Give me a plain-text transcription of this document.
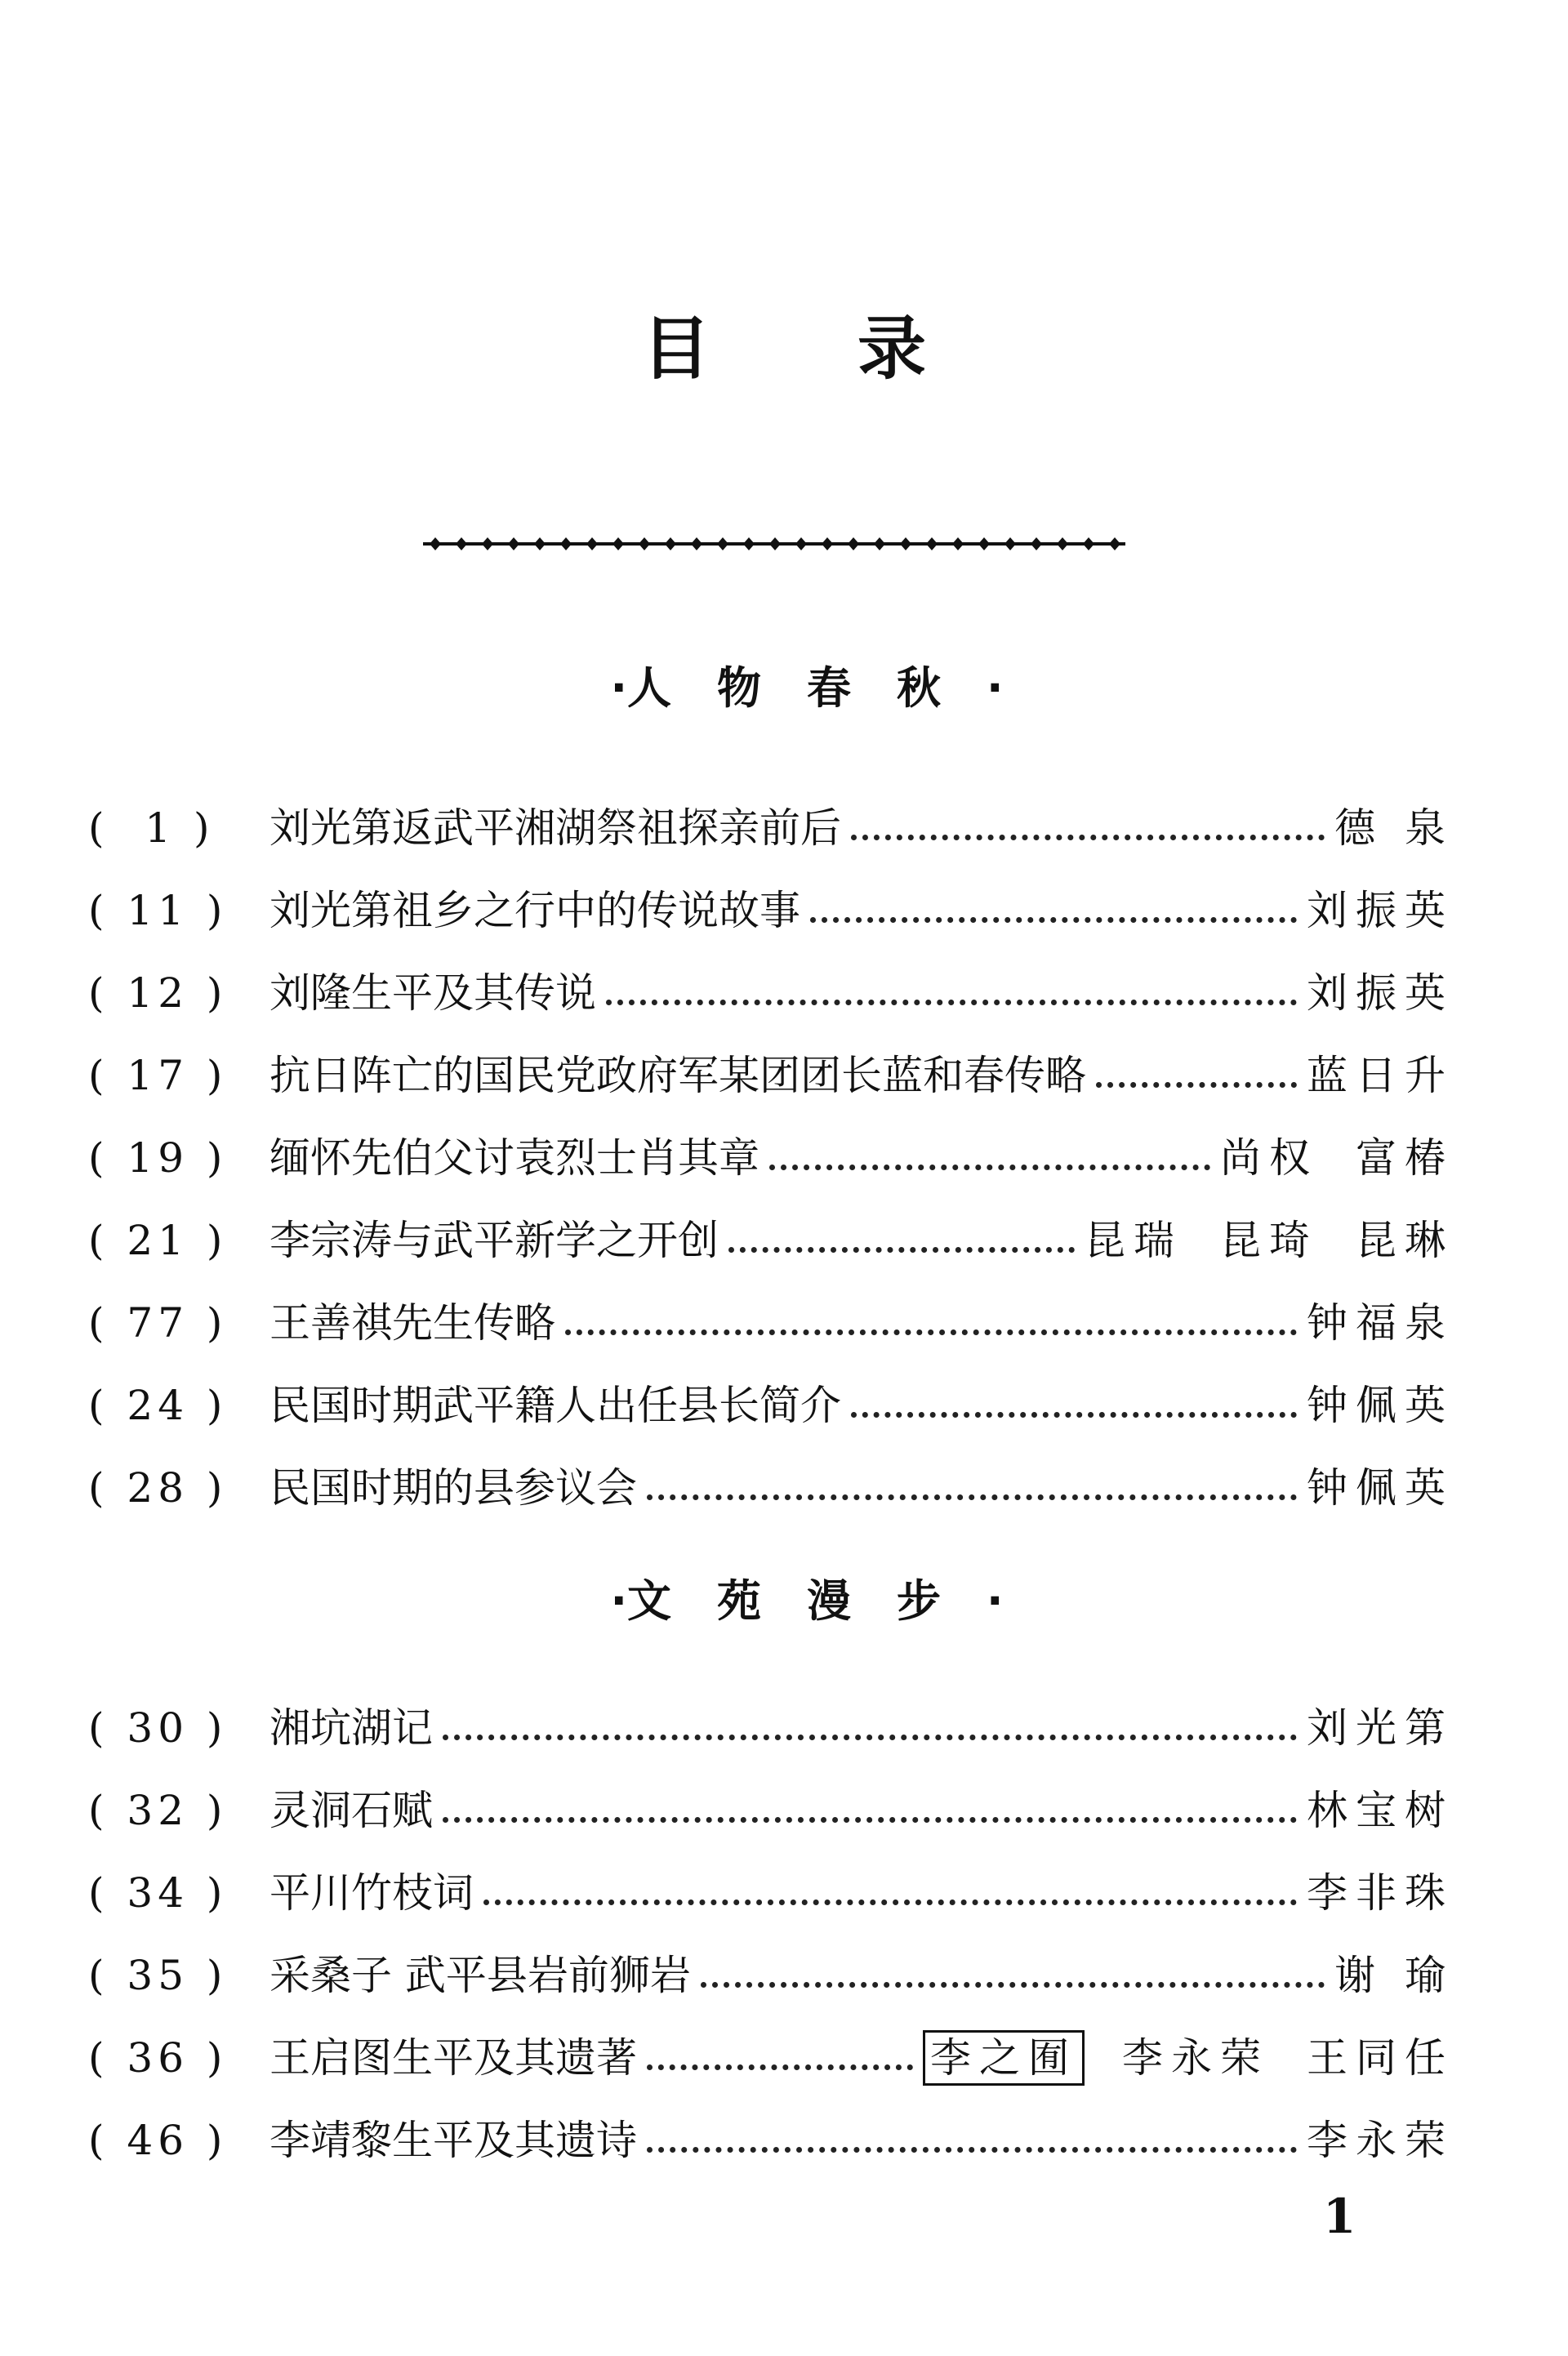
目录
·人物春秋·
(  1 )	刘光第返武平湘湖祭祖探亲前后	德 泉
( 11 )	刘光第祖乡之行中的传说故事	刘振英
( 12 )	刘隆生平及其传说	刘振英
( 17 )	抗日阵亡的国民党政府军某团团长蓝和春传略	蓝日升
( 19 )	缅怀先伯父讨袁烈士肖其章	尚权 富椿
( 21 )	李宗涛与武平新学之开创	昆瑞 昆琦 昆琳
( 77 )	王善祺先生传略	钟福泉
( 24 )	民国时期武平籍人出任县长简介	钟佩英
( 28 )	民国时期的县参议会	钟佩英
·文苑漫步·
( 30 )	湘坑湖记	刘光第
( 32 )	灵洞石赋	林宝树
( 34 )	平川竹枝词	李非珠
( 35 )	采桑子 武平县岩前狮岩	谢 瑜
( 36 )	王启图生平及其遗著	李之囿 李永荣 王同任
( 46 )	李靖黎生平及其遗诗	李永荣
1
